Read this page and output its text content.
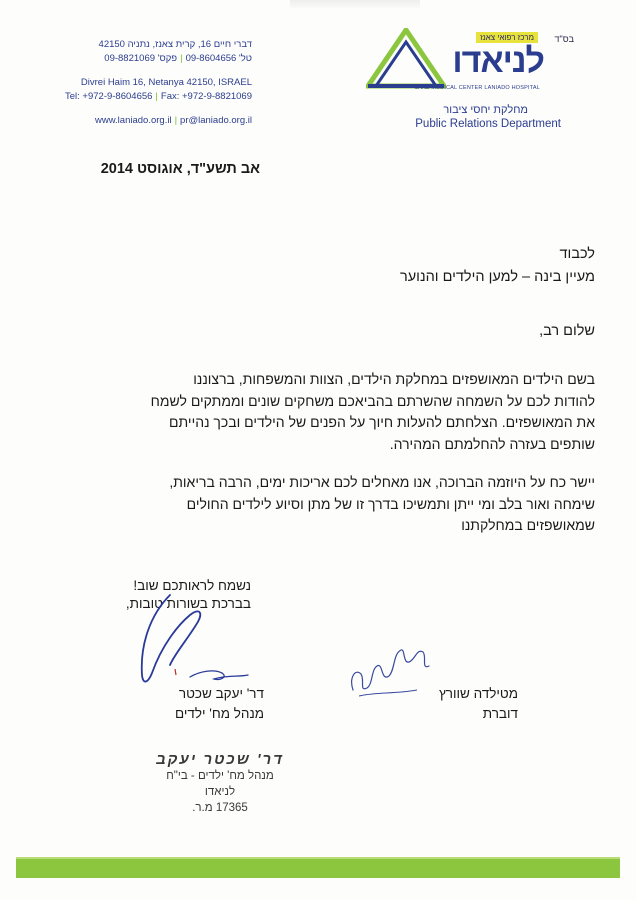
בס"ד
מרכז רפואי צאנז
לניאדו
SANZ MEDICAL CENTER LANIADO HOSPITAL
מחלקת יחסי ציבור
Public Relations Department
דברי חיים 16, קרית צאנז, נתניה 42150
טל' 09-8604656|פקס' 09-8821069
Divrei Haim 16, Netanya 42150, ISRAEL
Tel: +972-9-8604656 | Fax: +972-9-8821069
www.laniado.org.il | pr@laniado.org.il
אב תשע"ד, אוגוסט 2014
לכבוד
מעיין בינה – למען הילדים והנוער
שלום רב,
בשם הילדים המאושפזים במחלקת הילדים, הצוות והמשפחות, ברצוננו
להודות לכם על השמחה שהשרתם בהביאכם משחקים שונים וממתקים לשמח
את המאושפזים. הצלחתם להעלות חיוך על הפנים של הילדים ובכך נהייתם
שותפים בעזרה להחלמתם המהירה.
יישר כח על היוזמה הברוכה, אנו מאחלים לכם אריכות ימים, הרבה בריאות,
שימחה ואור בלב ומי ייתן ותמשיכו בדרך זו של מתן וסיוע לילדים החולים
שמאושפזים במחלקתנו
נשמח לראותכם שוב!
בברכת בשורות טובות,
דר' יעקב שכטר
מנהל מח' ילדים
מטילדה שוורץ
דוברת
דר' שכטר יעקב
מנהל מח' ילדים - בי"ח לניאדו
17365 מ.ר.
